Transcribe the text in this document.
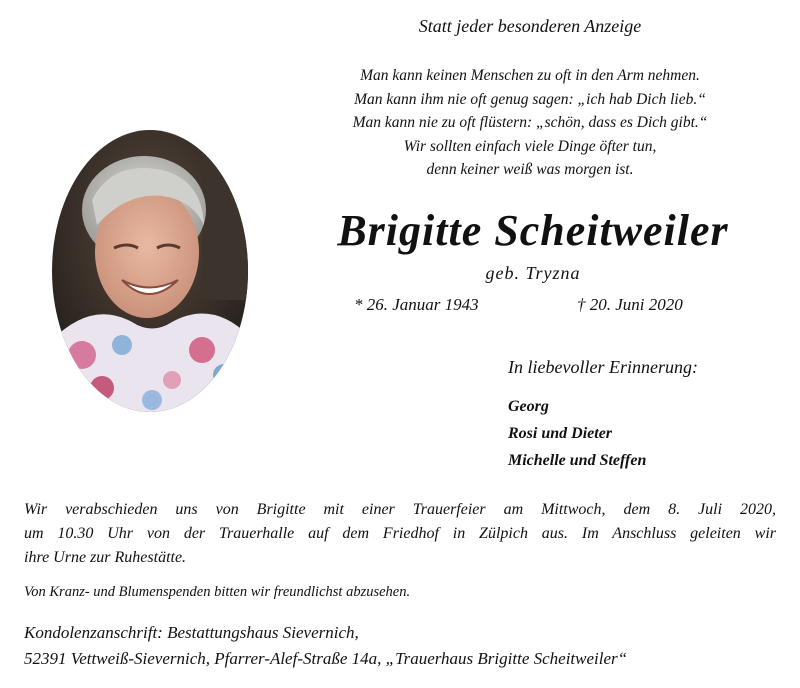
Statt jeder besonderen Anzeige
Man kann keinen Menschen zu oft in den Arm nehmen.
Man kann ihm nie oft genug sagen: „ich hab Dich lieb.“
Man kann nie zu oft flüstern: „schön, dass es Dich gibt.“
Wir sollten einfach viele Dinge öfter tun,
denn keiner weiß was morgen ist.
Brigitte Scheitweiler
geb. Tryzna
* 26. Januar 1943	† 20. Juni 2020
In liebevoller Erinnerung:
Georg
Rosi und Dieter
Michelle und Steffen
Wir verabschieden uns von Brigitte mit einer Trauerfeier am Mittwoch, dem 8. Juli 2020,
um 10.30 Uhr von der Trauerhalle auf dem Friedhof in Zülpich aus. Im Anschluss geleiten wir
ihre Urne zur Ruhestätte.
Von Kranz- und Blumenspenden bitten wir freundlichst abzusehen.
Kondolenzanschrift: Bestattungshaus Sievernich,
52391 Vettweiß-Sievernich, Pfarrer-Alef-Straße 14a, „Trauerhaus Brigitte Scheitweiler“
